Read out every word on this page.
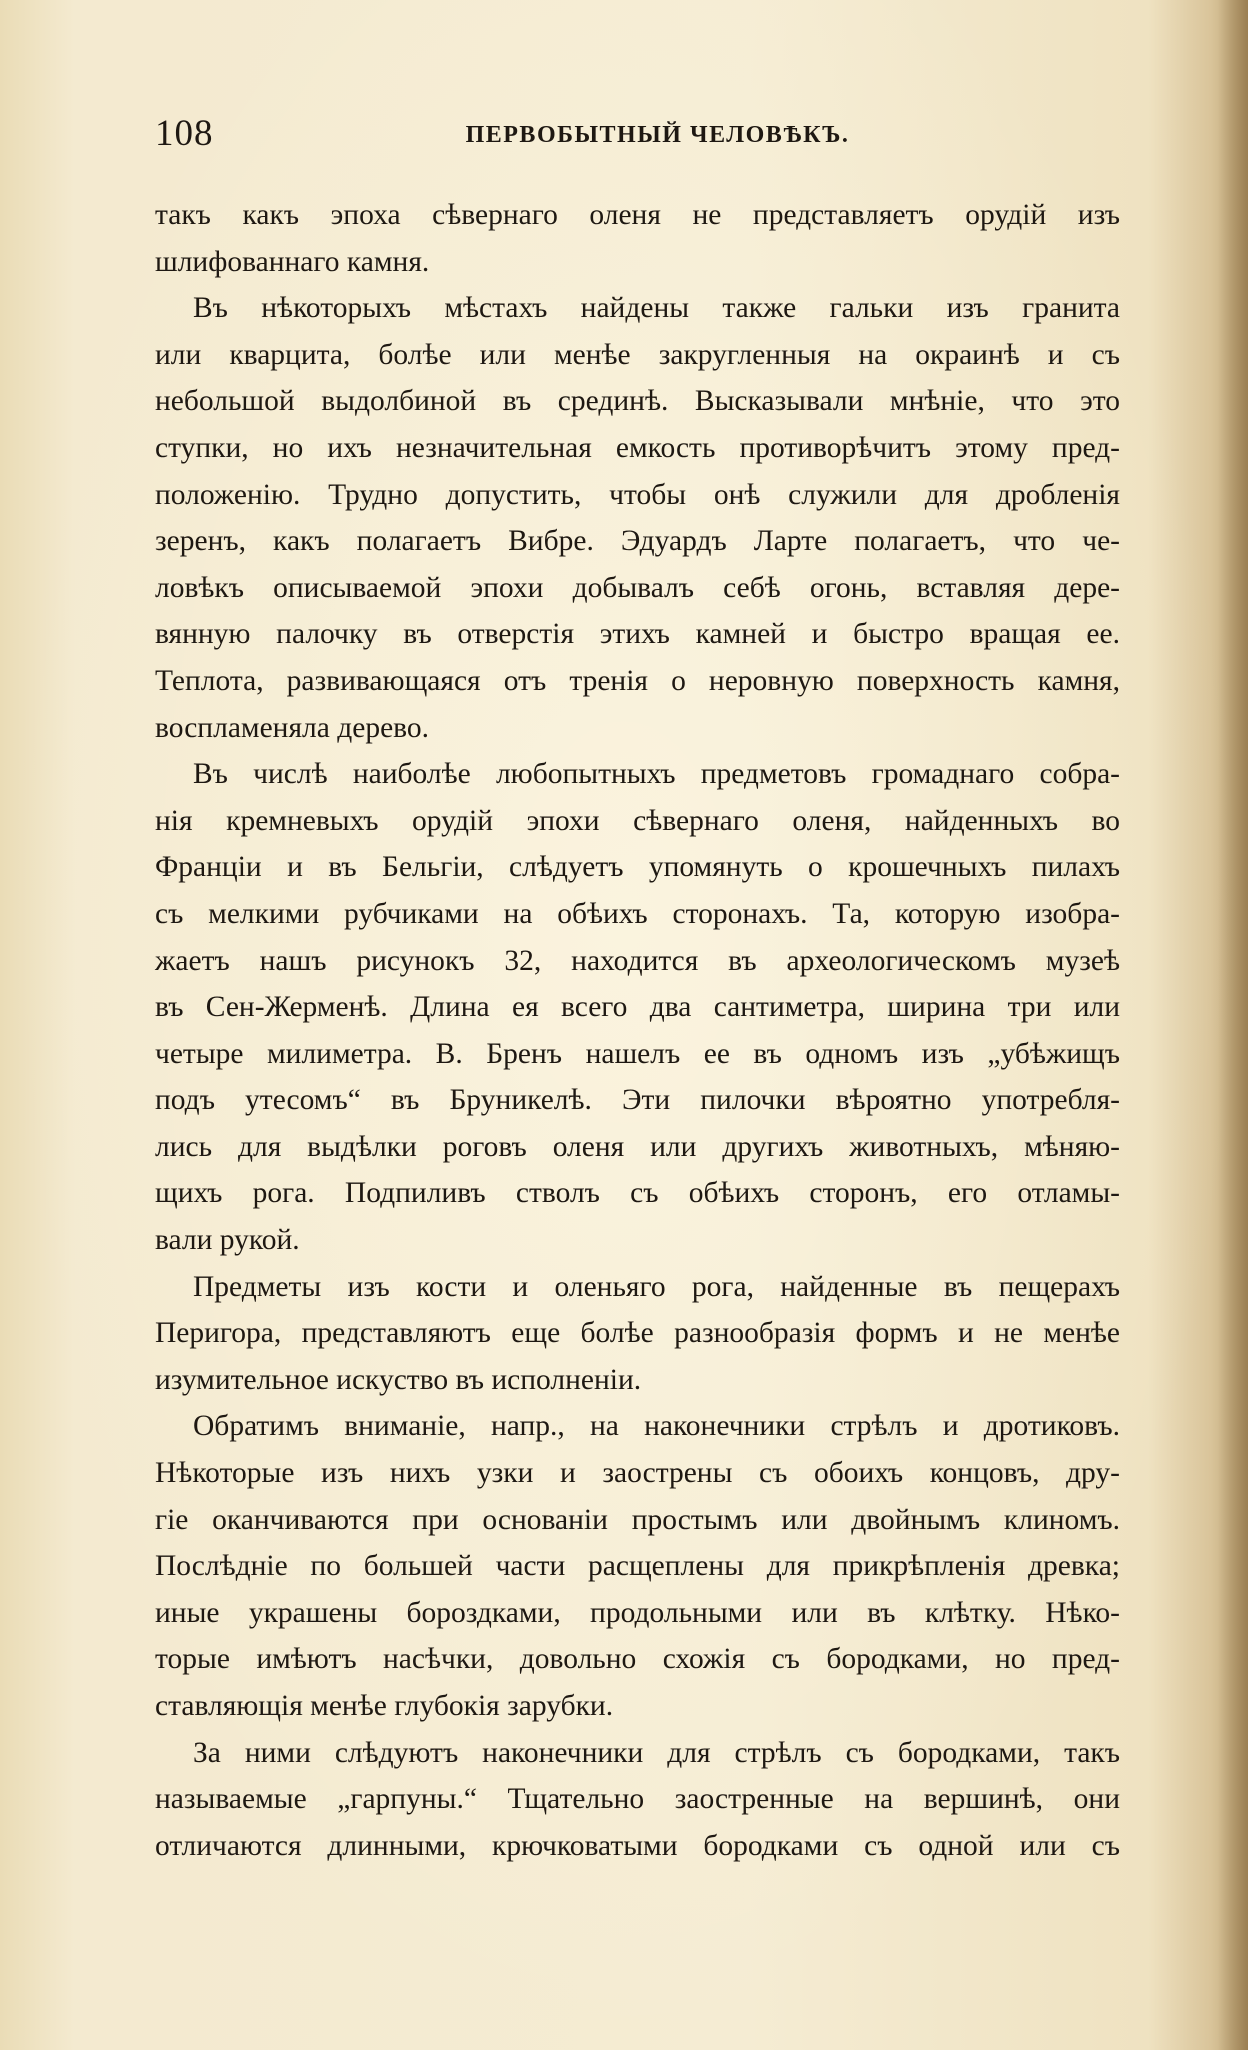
108	ПЕРВОБЫТНЫЙ ЧЕЛОВѢКЪ.
такъ какъ эпоха сѣвернаго оленя не представляетъ орудій изъ
шлифованнаго камня.
Въ нѣкоторыхъ мѣстахъ найдены также гальки изъ гранита
или кварцита, болѣе или менѣе закругленныя на окраинѣ и съ
небольшой выдолбиной въ срединѣ. Высказывали мнѣніе, что это
ступки, но ихъ незначительная емкость противорѣчитъ этому пред-
положенію. Трудно допустить, чтобы онѣ служили для дробленія
зеренъ, какъ полагаетъ Вибре. Эдуардъ Ларте полагаетъ, что че-
ловѣкъ описываемой эпохи добывалъ себѣ огонь, вставляя дере-
вянную палочку въ отверстія этихъ камней и быстро вращая ее.
Теплота, развивающаяся отъ тренія о неровную поверхность камня,
воспламеняла дерево.
Въ числѣ наиболѣе любопытныхъ предметовъ громаднаго собра-
нія кремневыхъ орудій эпохи сѣвернаго оленя, найденныхъ во
Франціи и въ Бельгіи, слѣдуетъ упомянуть о крошечныхъ пилахъ
съ мелкими рубчиками на обѣихъ сторонахъ. Та, которую изобра-
жаетъ нашъ рисунокъ 32, находится въ археологическомъ музеѣ
въ Сен-Жерменѣ. Длина ея всего два сантиметра, ширина три или
четыре милиметра. В. Бренъ нашелъ ее въ одномъ изъ „убѣжищъ
подъ утесомъ“ въ Бруникелѣ. Эти пилочки вѣроятно употребля-
лись для выдѣлки роговъ оленя или другихъ животныхъ, мѣняю-
щихъ рога. Подпиливъ стволъ съ обѣихъ сторонъ, его отламы-
вали рукой.
Предметы изъ кости и оленьяго рога, найденные въ пещерахъ
Перигора, представляютъ еще болѣе разнообразія формъ и не менѣе
изумительное искуство въ исполненіи.
Обратимъ вниманіе, напр., на наконечники стрѣлъ и дротиковъ.
Нѣкоторые изъ нихъ узки и заострены съ обоихъ концовъ, дру-
гіе оканчиваются при основаніи простымъ или двойнымъ клиномъ.
Послѣдніе по большей части расщеплены для прикрѣпленія древка;
иные украшены бороздками, продольными или въ клѣтку. Нѣко-
торые имѣютъ насѣчки, довольно схожія съ бородками, но пред-
ставляющія менѣе глубокія зарубки.
За ними слѣдуютъ наконечники для стрѣлъ съ бородками, такъ
называемые „гарпуны.“ Тщательно заостренные на вершинѣ, они
отличаются длинными, крючковатыми бородками съ одной или съ
